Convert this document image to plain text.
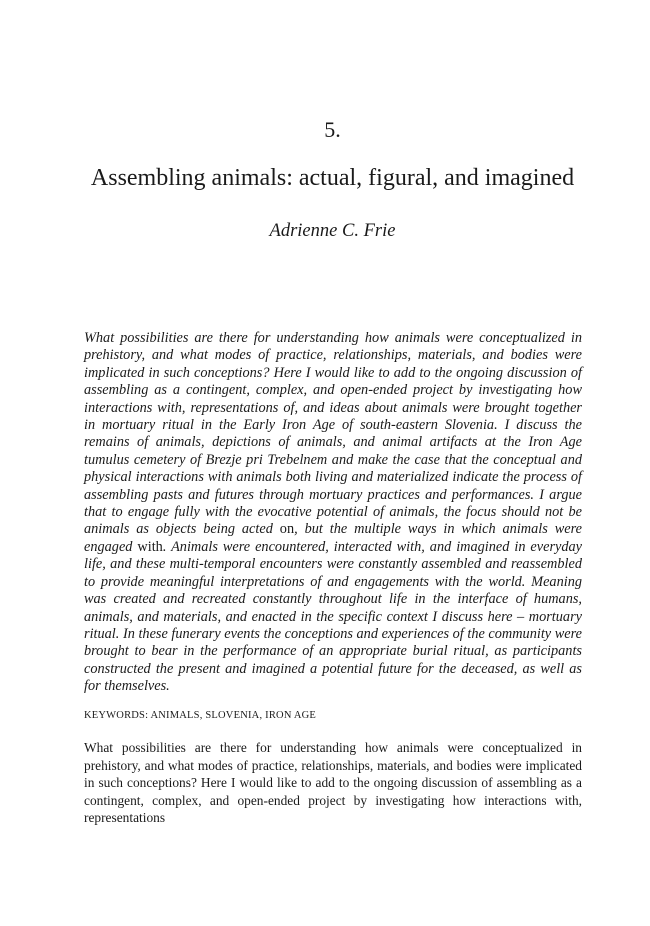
5.
Assembling animals: actual, figural, and imagined
Adrienne C. Frie

What possibilities are there for understanding how animals were conceptualized in prehistory, and what modes of practice, relationships, materials, and bodies were implicated in such conceptions? Here I would like to add to the ongoing discussion of assembling as a contingent, complex, and open-ended project by investigating how interactions with, representations of, and ideas about animals were brought together in mortuary ritual in the Early Iron Age of south-eastern Slovenia. I discuss the remains of animals, depictions of animals, and animal artifacts at the Iron Age tumulus cemetery of Brezje pri Trebelnem and make the case that the conceptual and physical interactions with animals both living and materialized indicate the process of assembling pasts and futures through mortuary practices and performances. I argue that to engage fully with the evocative potential of animals, the focus should not be animals as objects being acted on, but the multiple ways in which animals were engaged with. Animals were encountered, interacted with, and imagined in everyday life, and these multi-temporal encounters were constantly assembled and reassembled to provide meaningful interpretations of and engagements with the world. Meaning was created and recreated constantly throughout life in the interface of humans, animals, and materials, and enacted in the specific context I discuss here – mortuary ritual. In these funerary events the conceptions and experiences of the community were brought to bear in the performance of an appropriate burial ritual, as participants constructed the present and imagined a potential future for the deceased, as well as for themselves.

KEYWORDS: ANIMALS, SLOVENIA, IRON AGE

What possibilities are there for understanding how animals were conceptualized in prehistory, and what modes of practice, relationships, materials, and bodies were implicated in such conceptions? Here I would like to add to the ongoing discussion of assembling as a contingent, complex, and open-ended project by investigating how interactions with, representations
